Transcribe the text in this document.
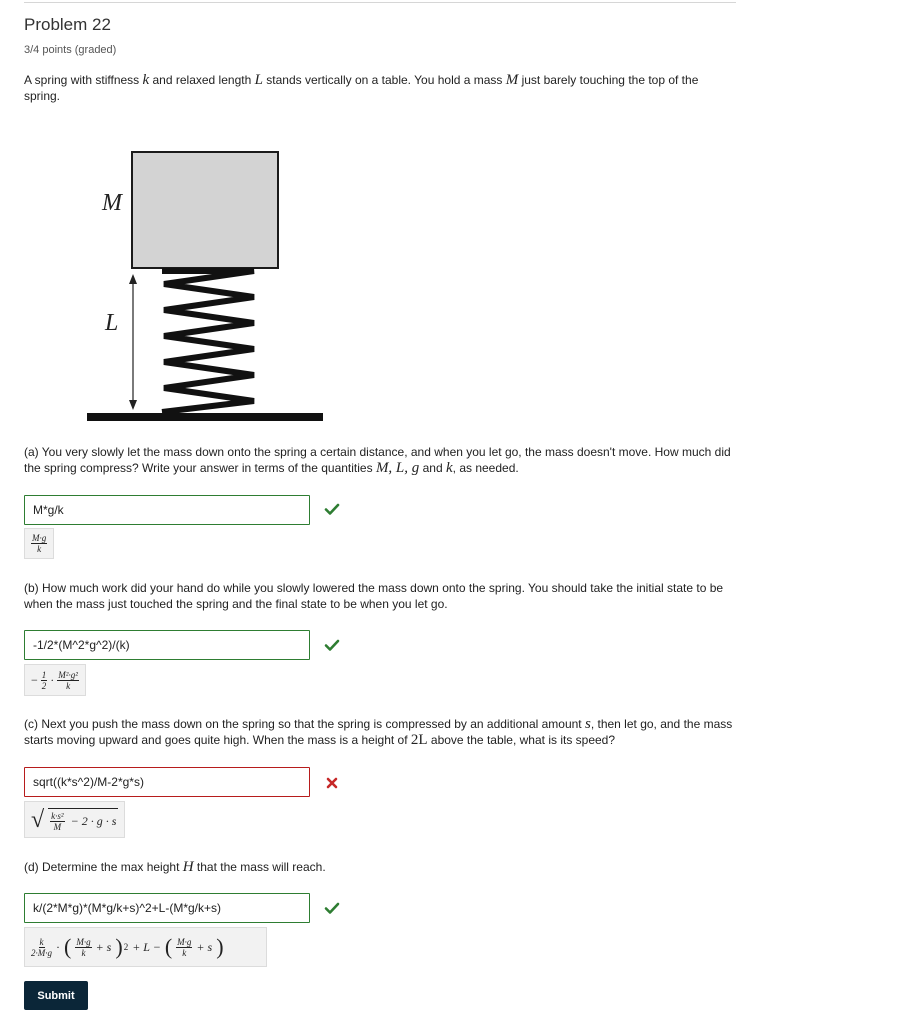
Problem 22
3/4 points (graded)
A spring with stiffness k and relaxed length L stands vertically on a table. You hold a mass M just barely touching the top of the spring.
M
L
(a) You very slowly let the mass down onto the spring a certain distance, and when you let go, the mass doesn't move. How much did the spring compress? Write your answer in terms of the quantities M, L, g and k, as needed.
M*g/k
$\frac{M\cdot g}{k}$
(b) How much work did your hand do while you slowly lowered the mass down onto the spring. You should take the initial state to be when the mass just touched the spring and the final state to be when you let go.
-1/2*(M^2*g^2)/(k)
− $\frac{1}{2} \cdot \frac{\text{M²·g²}}{k}$
(c) Next you push the mass down on the spring so that the spring is compressed by an additional amount s, then let go, and the mass starts moving upward and goes quite high. When the mass is a height of 2L above the table, what is its speed?
sqrt((k*s^2)/M-2*g*s)
√ $\frac{\text{k·s²}}{M} - 2 \cdot g \cdot s$
(d) Determine the max height H that the mass will reach.
k/(2*M*g)*(M*g/k+s)^2+L-(M*g/k+s)
$\frac{k}{2\cdot M\cdot g}$ · ( $\frac{M\cdot g}{k} + s$ ) 2 + L − ( $\frac{M\cdot g}{k} + s$ )
Submit
